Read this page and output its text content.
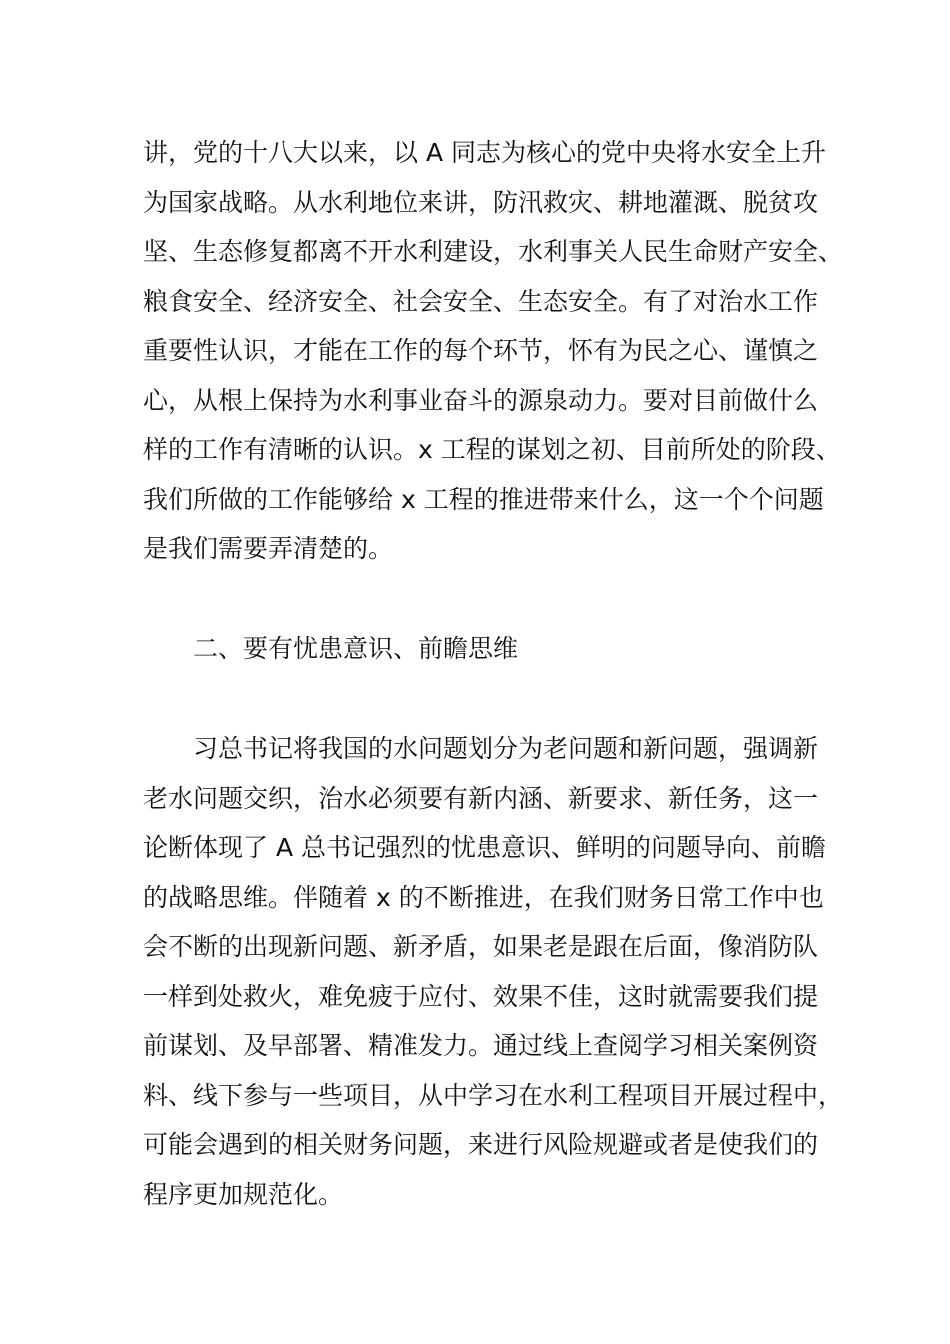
讲，党的十八大以来，以 A 同志为核心的党中央将水安全上升
为国家战略。从水利地位来讲，防汛救灾、耕地灌溉、脱贫攻
坚、生态修复都离不开水利建设，水利事关人民生命财产安全、
粮食安全、经济安全、社会安全、生态安全。有了对治水工作
重要性认识，才能在工作的每个环节，怀有为民之心、谨慎之
心，从根上保持为水利事业奋斗的源泉动力。要对目前做什么
样的工作有清晰的认识。x 工程的谋划之初、目前所处的阶段、
我们所做的工作能够给 x 工程的推进带来什么，这一个个问题
是我们需要弄清楚的。
二、要有忧患意识、前瞻思维
习总书记将我国的水问题划分为老问题和新问题，强调新
老水问题交织，治水必须要有新内涵、新要求、新任务，这一
论断体现了 A 总书记强烈的忧患意识、鲜明的问题导向、前瞻
的战略思维。伴随着 x 的不断推进，在我们财务日常工作中也
会不断的出现新问题、新矛盾，如果老是跟在后面，像消防队
一样到处救火，难免疲于应付、效果不佳，这时就需要我们提
前谋划、及早部署、精准发力。通过线上查阅学习相关案例资
料、线下参与一些项目，从中学习在水利工程项目开展过程中，
可能会遇到的相关财务问题，来进行风险规避或者是使我们的
程序更加规范化。
